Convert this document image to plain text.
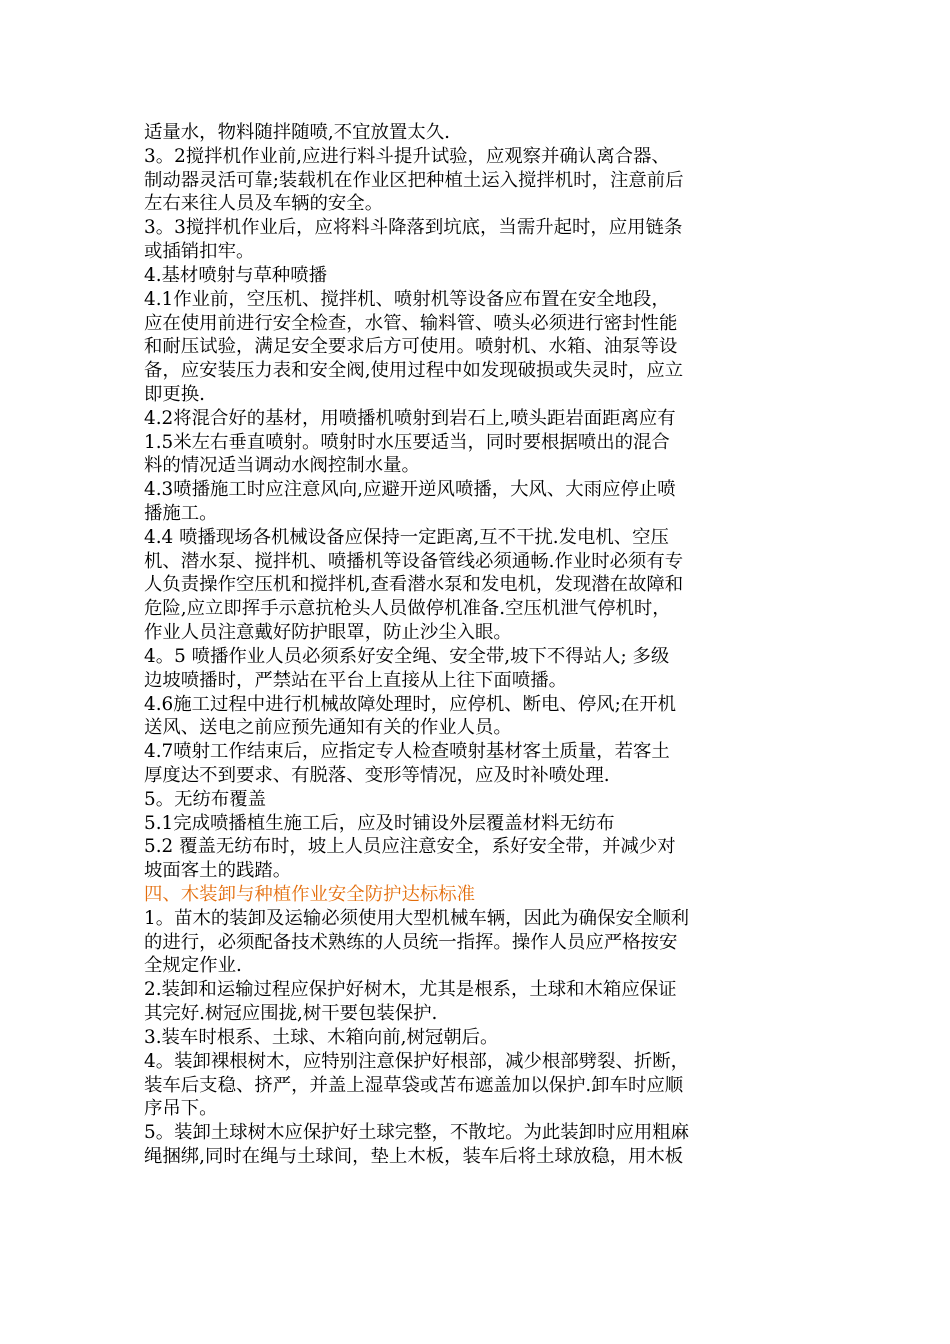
适量水，物料随拌随喷,不宜放置太久.
3。2搅拌机作业前,应进行料斗提升试验，应观察并确认离合器、
制动器灵活可靠;装载机在作业区把种植土运入搅拌机时，注意前后
左右来往人员及车辆的安全。
3。3搅拌机作业后，应将料斗降落到坑底，当需升起时，应用链条
或插销扣牢。
4.基材喷射与草种喷播
4.1作业前，空压机、搅拌机、喷射机等设备应布置在安全地段，
应在使用前进行安全检查，水管、输料管、喷头必须进行密封性能
和耐压试验，满足安全要求后方可使用。喷射机、水箱、油泵等设
备，应安装压力表和安全阀,使用过程中如发现破损或失灵时，应立
即更换.
4.2将混合好的基材，用喷播机喷射到岩石上,喷头距岩面距离应有
1.5米左右垂直喷射。喷射时水压要适当，同时要根据喷出的混合
料的情况适当调动水阀控制水量。
4.3喷播施工时应注意风向,应避开逆风喷播，大风、大雨应停止喷
播施工。
4.4 喷播现场各机械设备应保持一定距离,互不干扰.发电机、空压
机、潜水泵、搅拌机、喷播机等设备管线必须通畅.作业时必须有专
人负责操作空压机和搅拌机,查看潜水泵和发电机，发现潜在故障和
危险,应立即挥手示意抗枪头人员做停机准备.空压机泄气停机时，
作业人员注意戴好防护眼罩，防止沙尘入眼。
4。5 喷播作业人员必须系好安全绳、安全带,坡下不得站人; 多级
边坡喷播时，严禁站在平台上直接从上往下面喷播。
4.6施工过程中进行机械故障处理时，应停机、断电、停风;在开机
送风、送电之前应预先通知有关的作业人员。
4.7喷射工作结束后，应指定专人检查喷射基材客土质量，若客土
厚度达不到要求、有脱落、变形等情况，应及时补喷处理.
5。无纺布覆盖
5.1完成喷播植生施工后，应及时铺设外层覆盖材料无纺布
5.2 覆盖无纺布时，坡上人员应注意安全，系好安全带，并减少对
坡面客土的践踏。
四、木装卸与种植作业安全防护达标标准
1。苗木的装卸及运输必须使用大型机械车辆，因此为确保安全顺利
的进行，必须配备技术熟练的人员统一指挥。操作人员应严格按安
全规定作业.
2.装卸和运输过程应保护好树木，尤其是根系，土球和木箱应保证
其完好.树冠应围拢,树干要包装保护.
3.装车时根系、土球、木箱向前,树冠朝后。
4。装卸裸根树木，应特别注意保护好根部，减少根部劈裂、折断，
装车后支稳、挤严，并盖上湿草袋或苫布遮盖加以保护.卸车时应顺
序吊下。
5。装卸土球树木应保护好土球完整，不散坨。为此装卸时应用粗麻
绳捆绑,同时在绳与土球间，垫上木板，装车后将土球放稳，用木板
